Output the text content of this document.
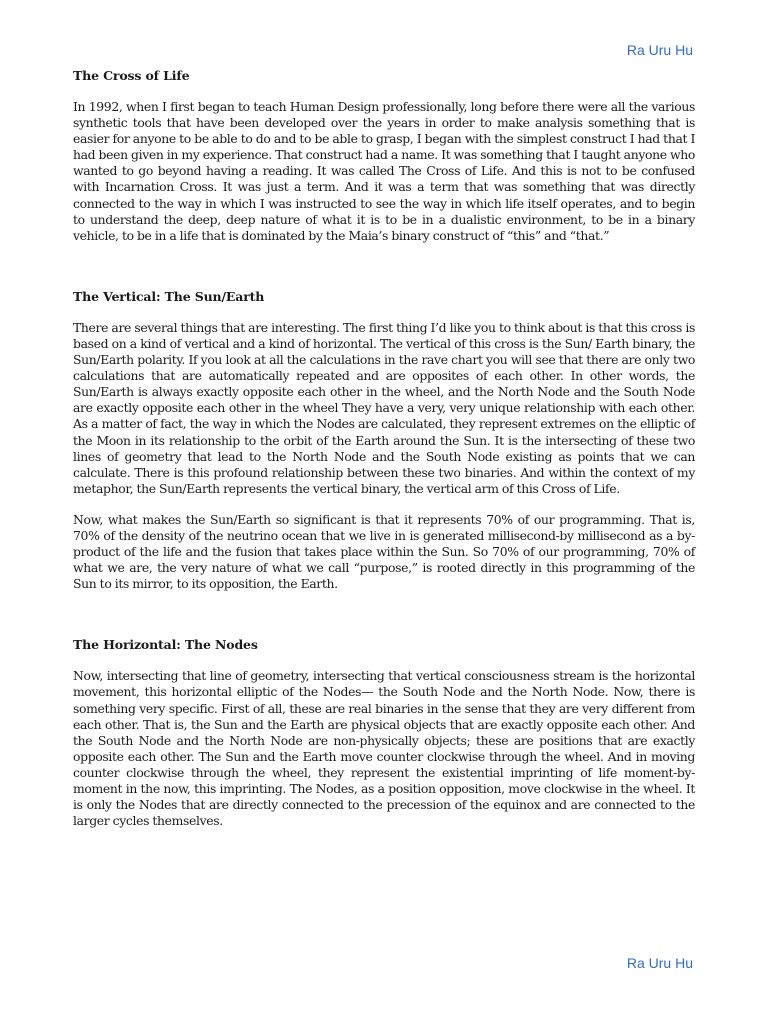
Ra Uru Hu
The Cross of Life

In 1992, when I first began to teach Human Design professionally, long before there were all the various synthetic tools that have been developed over the years in order to make analysis something that is easier for anyone to be able to do and to be able to grasp, I began with the simplest construct I had that I had been given in my experience. That construct had a name. It was something that I taught anyone who wanted to go beyond having a reading. It was called The Cross of Life. And this is not to be confused with Incarnation Cross. It was just a term. And it was a term that was something that was directly connected to the way in which I was instructed to see the way in which life itself operates, and to begin to understand the deep, deep nature of what it is to be in a dualistic environment, to be in a binary vehicle, to be in a life that is dominated by the Maia’s binary construct of “this” and “that.”

The Vertical: The Sun/Earth

There are several things that are interesting. The first thing I’d like you to think about is that this cross is based on a kind of vertical and a kind of horizontal. The vertical of this cross is the Sun/ Earth binary, the Sun/Earth polarity. If you look at all the calculations in the rave chart you will see that there are only two calculations that are automatically repeated and are opposites of each other. In other words, the Sun/Earth is always exactly opposite each other in the wheel, and the North Node and the South Node are exactly opposite each other in the wheel They have a very, very unique relationship with each other. As a matter of fact, the way in which the Nodes are calculated, they represent extremes on the elliptic of the Moon in its relationship to the orbit of the Earth around the Sun. It is the intersecting of these two lines of geometry that lead to the North Node and the South Node existing as points that we can calculate. There is this profound relationship between these two binaries. And within the context of my metaphor, the Sun/Earth represents the vertical binary, the vertical arm of this Cross of Life.

Now, what makes the Sun/Earth so significant is that it represents 70% of our programming. That is, 70% of the density of the neutrino ocean that we live in is generated millisecond-by millisecond as a by-product of the life and the fusion that takes place within the Sun. So 70% of our programming, 70% of what we are, the very nature of what we call “purpose,” is rooted directly in this programming of the Sun to its mirror, to its opposition, the Earth.

The Horizontal: The Nodes

Now, intersecting that line of geometry, intersecting that vertical consciousness stream is the horizontal movement, this horizontal elliptic of the Nodes— the South Node and the North Node. Now, there is something very specific. First of all, these are real binaries in the sense that they are very different from each other. That is, the Sun and the Earth are physical objects that are exactly opposite each other. And the South Node and the North Node are non-physically objects; these are positions that are exactly opposite each other. The Sun and the Earth move counter clockwise through the wheel. And in moving counter clockwise through the wheel, they represent the existential imprinting of life moment-by-moment in the now, this imprinting. The Nodes, as a position opposition, move clockwise in the wheel. It is only the Nodes that are directly connected to the precession of the equinox and are connected to the larger cycles themselves.

Ra Uru Hu
